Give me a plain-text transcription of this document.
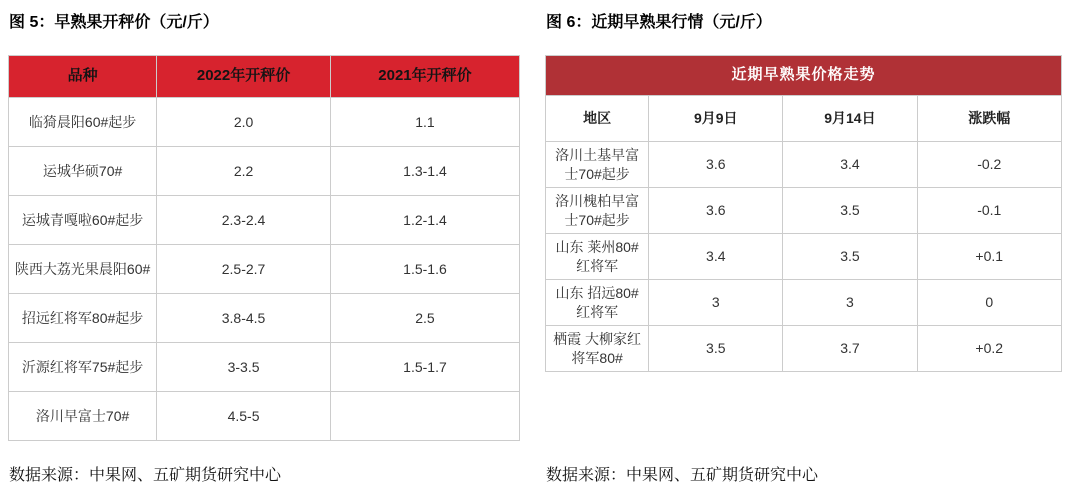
图 5：早熟果开秤价（元/斤）
品种	2022年开秤价	2021年开秤价
临猗晨阳60#起步	2.0	1.1
运城华硕70#	2.2	1.3-1.4
运城青嘎啦60#起步	2.3-2.4	1.2-1.4
陕西大荔光果晨阳60#	2.5-2.7	1.5-1.6
招远红将军80#起步	3.8-4.5	2.5
沂源红将军75#起步	3-3.5	1.5-1.7
洛川早富士70#	4.5-5	
数据来源：中果网、五矿期货研究中心
图 6：近期早熟果行情（元/斤）
近期早熟果价格走势			
地区	9月9日	9月14日	涨跌幅
洛川土基早富士70#起步	3.6	3.4	-0.2
洛川槐柏早富士70#起步	3.6	3.5	-0.1
山东 莱州80#红将军	3.4	3.5	+0.1
山东 招远80#红将军	3	3	0
栖霞 大柳家红将军80#	3.5	3.7	+0.2
数据来源：中果网、五矿期货研究中心
